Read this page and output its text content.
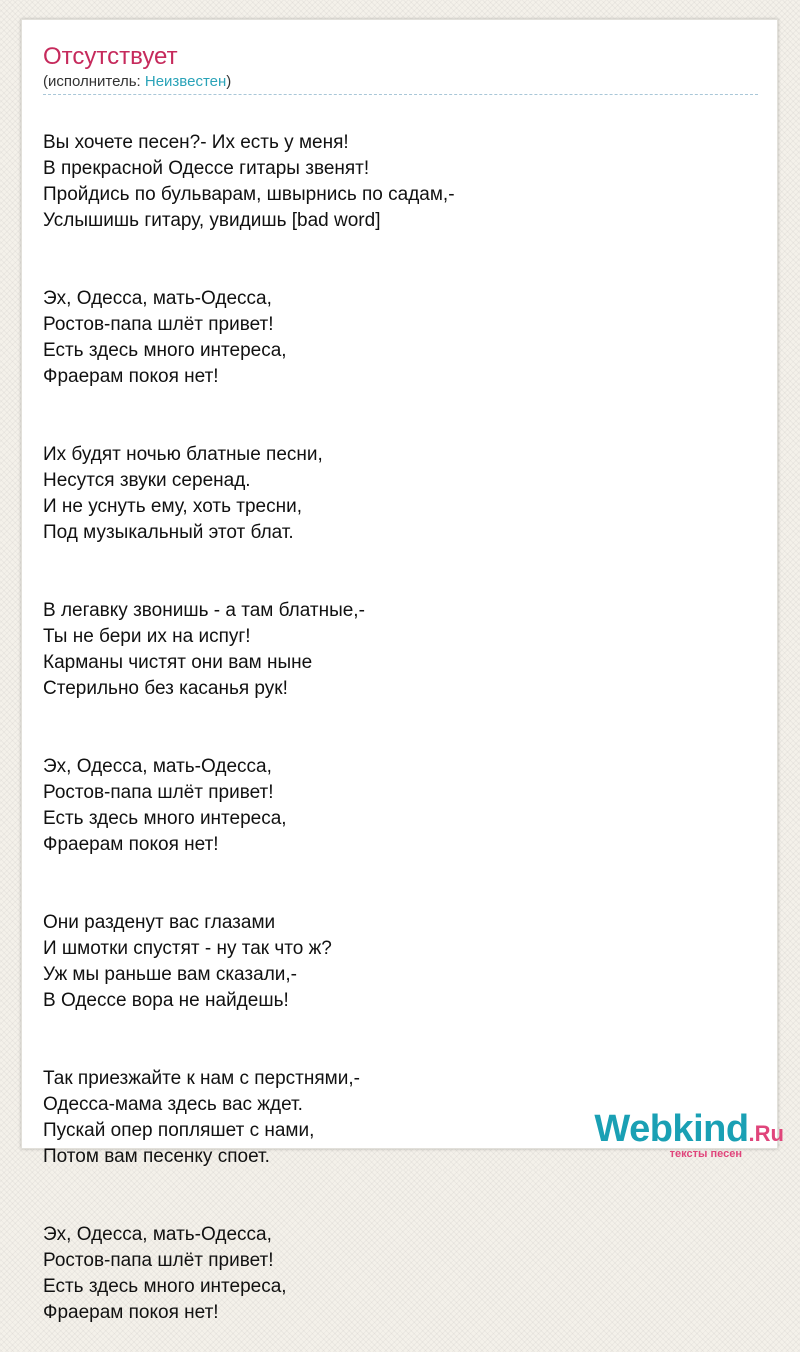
Отсутствует
(исполнитель: Неизвестен)

Вы хочете песен?- Их есть у меня!
В прекрасной Одессе гитары звенят!
Пройдись по бульварам, швырнись по садам,-
Услышишь гитару, увидишь [bad word]

Эх, Одесса, мать-Одесса,
Ростов-папа шлёт привет!
Есть здесь много интереса,
Фраерам покоя нет!

Их будят ночью блатные песни,
Несутся звуки серенад.
И не уснуть ему, хоть тресни,
Под музыкальный этот блат.

В легавку звонишь - а там блатные,-
Ты не бери их на испуг!
Карманы чистят они вам ныне
Стерильно без касанья рук!

Эх, Одесса, мать-Одесса,
Ростов-папа шлёт привет!
Есть здесь много интереса,
Фраерам покоя нет!

Они разденут вас глазами
И шмотки спустят - ну так что ж?
Уж мы раньше вам сказали,-
В Одессе вора не найдешь!

Так приезжайте к нам с перстнями,-
Одесса-мама здесь вас ждет.
Пускай опер попляшет с нами,
Потом вам песенку споет.

Эх, Одесса, мать-Одесса,
Ростов-папа шлёт привет!
Есть здесь много интереса,
Фраерам покоя нет!

Webkind.Ru
тексты песен
